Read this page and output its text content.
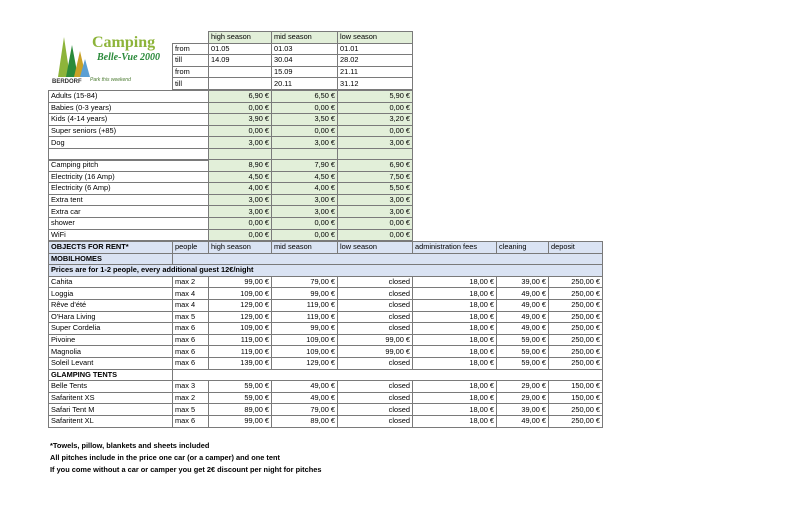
Camping
Belle-Vue 2000
BERDORF Park this weekend
	high season	mid season	low season
from	01.05	01.03	01.01
till	14.09	30.04	28.02
from		15.09	21.11
till		20.11	31.12
Adults (15-84)	6,90 €	6,50 €	5,90 €
Babies (0-3 years)	0,00 €	0,00 €	0,00 €
Kids (4-14 years)	3,90 €	3,50 €	3,20 €
Super seniors (+85)	0,00 €	0,00 €	0,00 €
Dog	3,00 €	3,00 €	3,00 €

Camping pitch	8,90 €	7,90 €	6,90 €
Electricity (16 Amp)	4,50 €	4,50 €	7,50 €
Electricity (6 Amp)	4,00 €	4,00 €	5,50 €
Extra tent	3,00 €	3,00 €	3,00 €
Extra car	3,00 €	3,00 €	3,00 €
shower	0,00 €	0,00 €	0,00 €
WiFi	0,00 €	0,00 €	0,00 €
OBJECTS FOR RENT*	people	high season	mid season	low season	administration fees	cleaning	deposit
MOBILHOMES							
Prices are for 1-2 people, every additional guest 12€/night							
Cahita	max 2	99,00 €	79,00 €	closed	18,00 €	39,00 €	250,00 €
Loggia	max 4	109,00 €	99,00 €	closed	18,00 €	49,00 €	250,00 €
Rêve d'été	max 4	129,00 €	119,00 €	closed	18,00 €	49,00 €	250,00 €
O'Hara Living	max 5	129,00 €	119,00 €	closed	18,00 €	49,00 €	250,00 €
Super Cordelia	max 6	109,00 €	99,00 €	closed	18,00 €	49,00 €	250,00 €
Pivoine	max 6	119,00 €	109,00 €	99,00 €	18,00 €	59,00 €	250,00 €
Magnolia	max 6	119,00 €	109,00 €	99,00 €	18,00 €	59,00 €	250,00 €
Soleil Levant	max 6	139,00 €	129,00 €	closed	18,00 €	59,00 €	250,00 €
GLAMPING TENTS							
Belle Tents	max 3	59,00 €	49,00 €	closed	18,00 €	29,00 €	150,00 €
Safaritent XS	max 2	59,00 €	49,00 €	closed	18,00 €	29,00 €	150,00 €
Safari Tent M	max 5	89,00 €	79,00 €	closed	18,00 €	39,00 €	250,00 €
Safaritent XL	max 6	99,00 €	89,00 €	closed	18,00 €	49,00 €	250,00 €
*Towels, pillow, blankets and sheets included
All pitches include in the price one car (or a camper) and one tent
If you come without a car or camper you get 2€ discount per night for pitches
